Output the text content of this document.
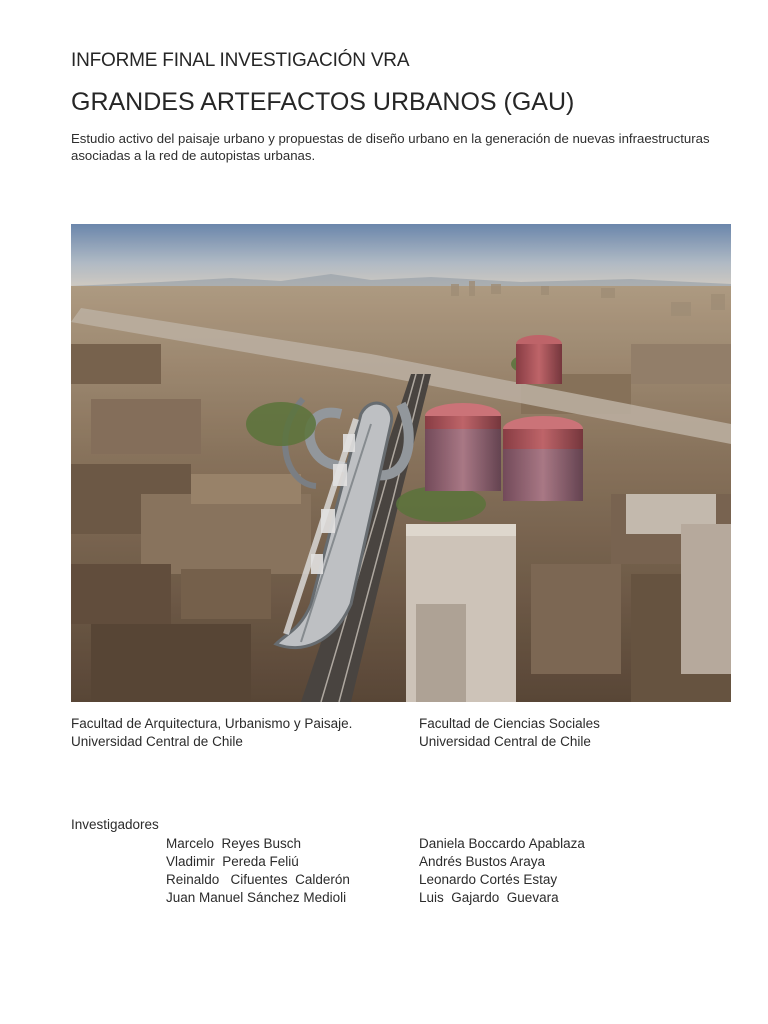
INFORME FINAL INVESTIGACIÓN VRA
GRANDES ARTEFACTOS URBANOS (GAU)
Estudio activo del paisaje urbano y propuestas de diseño urbano en la generación de nuevas infraestructuras asociadas a la red de autopistas urbanas.
Facultad de Arquitectura, Urbanismo y Paisaje.
Universidad Central de Chile
Facultad de Ciencias Sociales
Universidad Central de Chile
Investigadores
Marcelo  Reyes Busch
Vladimir  Pereda Feliú
Reinaldo   Cifuentes  Calderón
Juan Manuel Sánchez Medioli
Daniela Boccardo Apablaza
Andrés Bustos Araya
Leonardo Cortés Estay
Luis  Gajardo  Guevara
